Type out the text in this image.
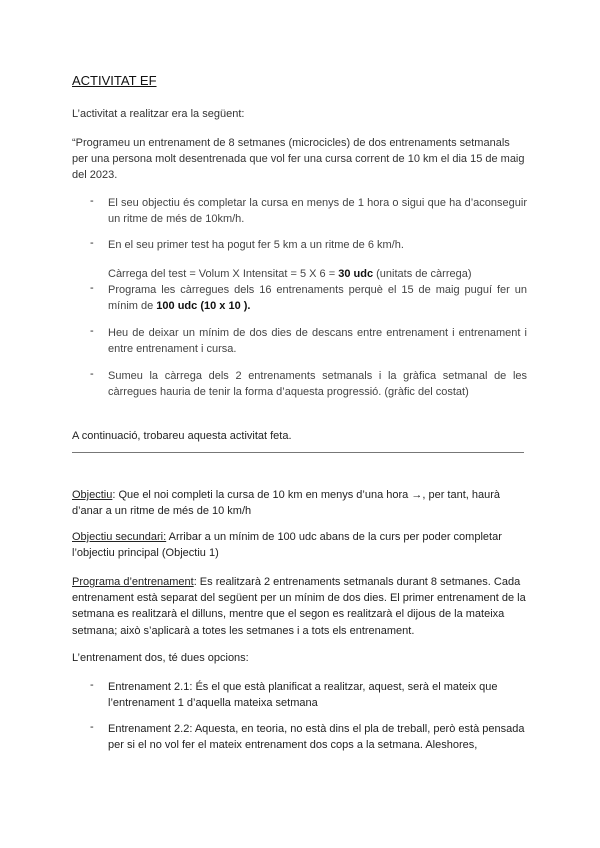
ACTIVITAT EF
L’activitat a realitzar era la següent:
“Programeu un entrenament de 8 setmanes (microcicles) de dos entrenaments setmanals per una persona molt desentrenada que vol fer una cursa corrent de 10 km el dia 15 de maig del 2023.
- El seu objectiu és completar la cursa en menys de 1 hora o sigui que ha d’aconseguir un ritme de més de 10km/h.
- En el seu primer test ha pogut fer 5 km a un ritme de 6 km/h.
Càrrega del test = Volum X Intensitat = 5 X 6 = 30 udc (unitats de càrrega)
- Programa les càrregues dels 16 entrenaments perquè el 15 de maig puguí fer un mínim de 100 udc (10 x 10 ).
- Heu de deixar un mínim de dos dies de descans entre entrenament i entrenament i entre entrenament i cursa.
- Sumeu la càrrega dels 2 entrenaments setmanals i la gràfica setmanal de les càrregues hauria de tenir la forma d’aquesta progressió. (gràfic del costat)
A continuació, trobareu aquesta activitat feta.
Objectiu: Que el noi completi la cursa de 10 km en menys d’una hora →, per tant, haurà d’anar a un ritme de més de 10 km/h
Objectiu secundari: Arribar a un mínim de 100 udc abans de la curs per poder completar l’objectiu principal (Objectiu 1)
Programa d’entrenament: Es realitzarà 2 entrenaments setmanals durant 8 setmanes. Cada entrenament està separat del següent per un mínim de dos dies. El primer entrenament de la setmana es realitzarà el dilluns, mentre que el segon es realitzarà el dijous de la mateixa setmana; això s’aplicarà a totes les setmanes i a tots els entrenament.
L’entrenament dos, té dues opcions:
- Entrenament 2.1: És el que està planificat a realitzar, aquest, serà el mateix que l’entrenament 1 d’aquella mateixa setmana
- Entrenament 2.2: Aquesta, en teoria, no està dins el pla de treball, però està pensada per si el no vol fer el mateix entrenament dos cops a la setmana. Aleshores,
